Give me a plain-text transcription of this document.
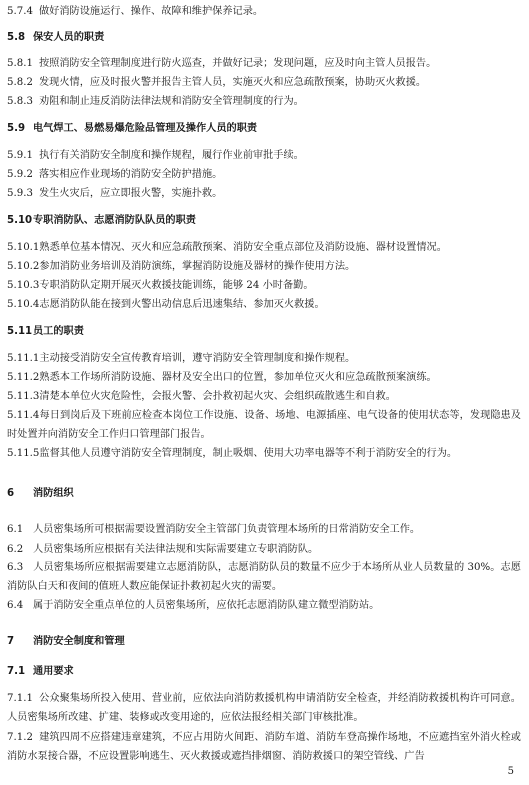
5.7.4 做好消防设施运行、操作、故障和维护保养记录。
5.8 保安人员的职责
5.8.1 按照消防安全管理制度进行防火巡查，并做好记录；发现问题，应及时向主管人员报告。
5.8.2 发现火情，应及时报火警并报告主管人员，实施灭火和应急疏散预案，协助灭火救援。
5.8.3 劝阻和制止违反消防法律法规和消防安全管理制度的行为。
5.9 电气焊工、易燃易爆危险品管理及操作人员的职责
5.9.1 执行有关消防安全制度和操作规程，履行作业前审批手续。
5.9.2 落实相应作业现场的消防安全防护措施。
5.9.3 发生火灾后，应立即报火警，实施扑救。
5.10专职消防队、志愿消防队队员的职责
5.10.1熟悉单位基本情况、灭火和应急疏散预案、消防安全重点部位及消防设施、器材设置情况。
5.10.2参加消防业务培训及消防演练，掌握消防设施及器材的操作使用方法。
5.10.3专职消防队定期开展灭火救援技能训练，能够 24 小时备勤。
5.10.4志愿消防队能在接到火警出动信息后迅速集结、参加灭火救援。
5.11员工的职责
5.11.1主动接受消防安全宣传教育培训，遵守消防安全管理制度和操作规程。
5.11.2熟悉本工作场所消防设施、器材及安全出口的位置，参加单位灭火和应急疏散预案演练。
5.11.3清楚本单位火灾危险性，会报火警、会扑救初起火灾、会组织疏散逃生和自救。
5.11.4每日到岗后及下班前应检查本岗位工作设施、设备、场地、电源插座、电气设备的使用状态等，发现隐患及时处置并向消防安全工作归口管理部门报告。
5.11.5监督其他人员遵守消防安全管理制度，制止吸烟、使用大功率电器等不利于消防安全的行为。
6 消防组织
6.1 人员密集场所可根据需要设置消防安全主管部门负责管理本场所的日常消防安全工作。
6.2 人员密集场所应根据有关法律法规和实际需要建立专职消防队。
6.3 人员密集场所应根据需要建立志愿消防队，志愿消防队员的数量不应少于本场所从业人员数量的 30%。志愿消防队白天和夜间的值班人数应能保证扑救初起火灾的需要。
6.4 属于消防安全重点单位的人员密集场所，应依托志愿消防队建立微型消防站。
7 消防安全制度和管理
7.1 通用要求
7.1.1 公众聚集场所投入使用、营业前，应依法向消防救援机构申请消防安全检查，并经消防救援机构许可同意。人员密集场所改建、扩建、装修或改变用途的，应依法报经相关部门审核批准。
7.1.2 建筑四周不应搭建违章建筑，不应占用防火间距、消防车道、消防车登高操作场地，不应遮挡室外消火栓或消防水泵接合器，不应设置影响逃生、灭火救援或遮挡排烟窗、消防救援口的架空管线、广告
5
